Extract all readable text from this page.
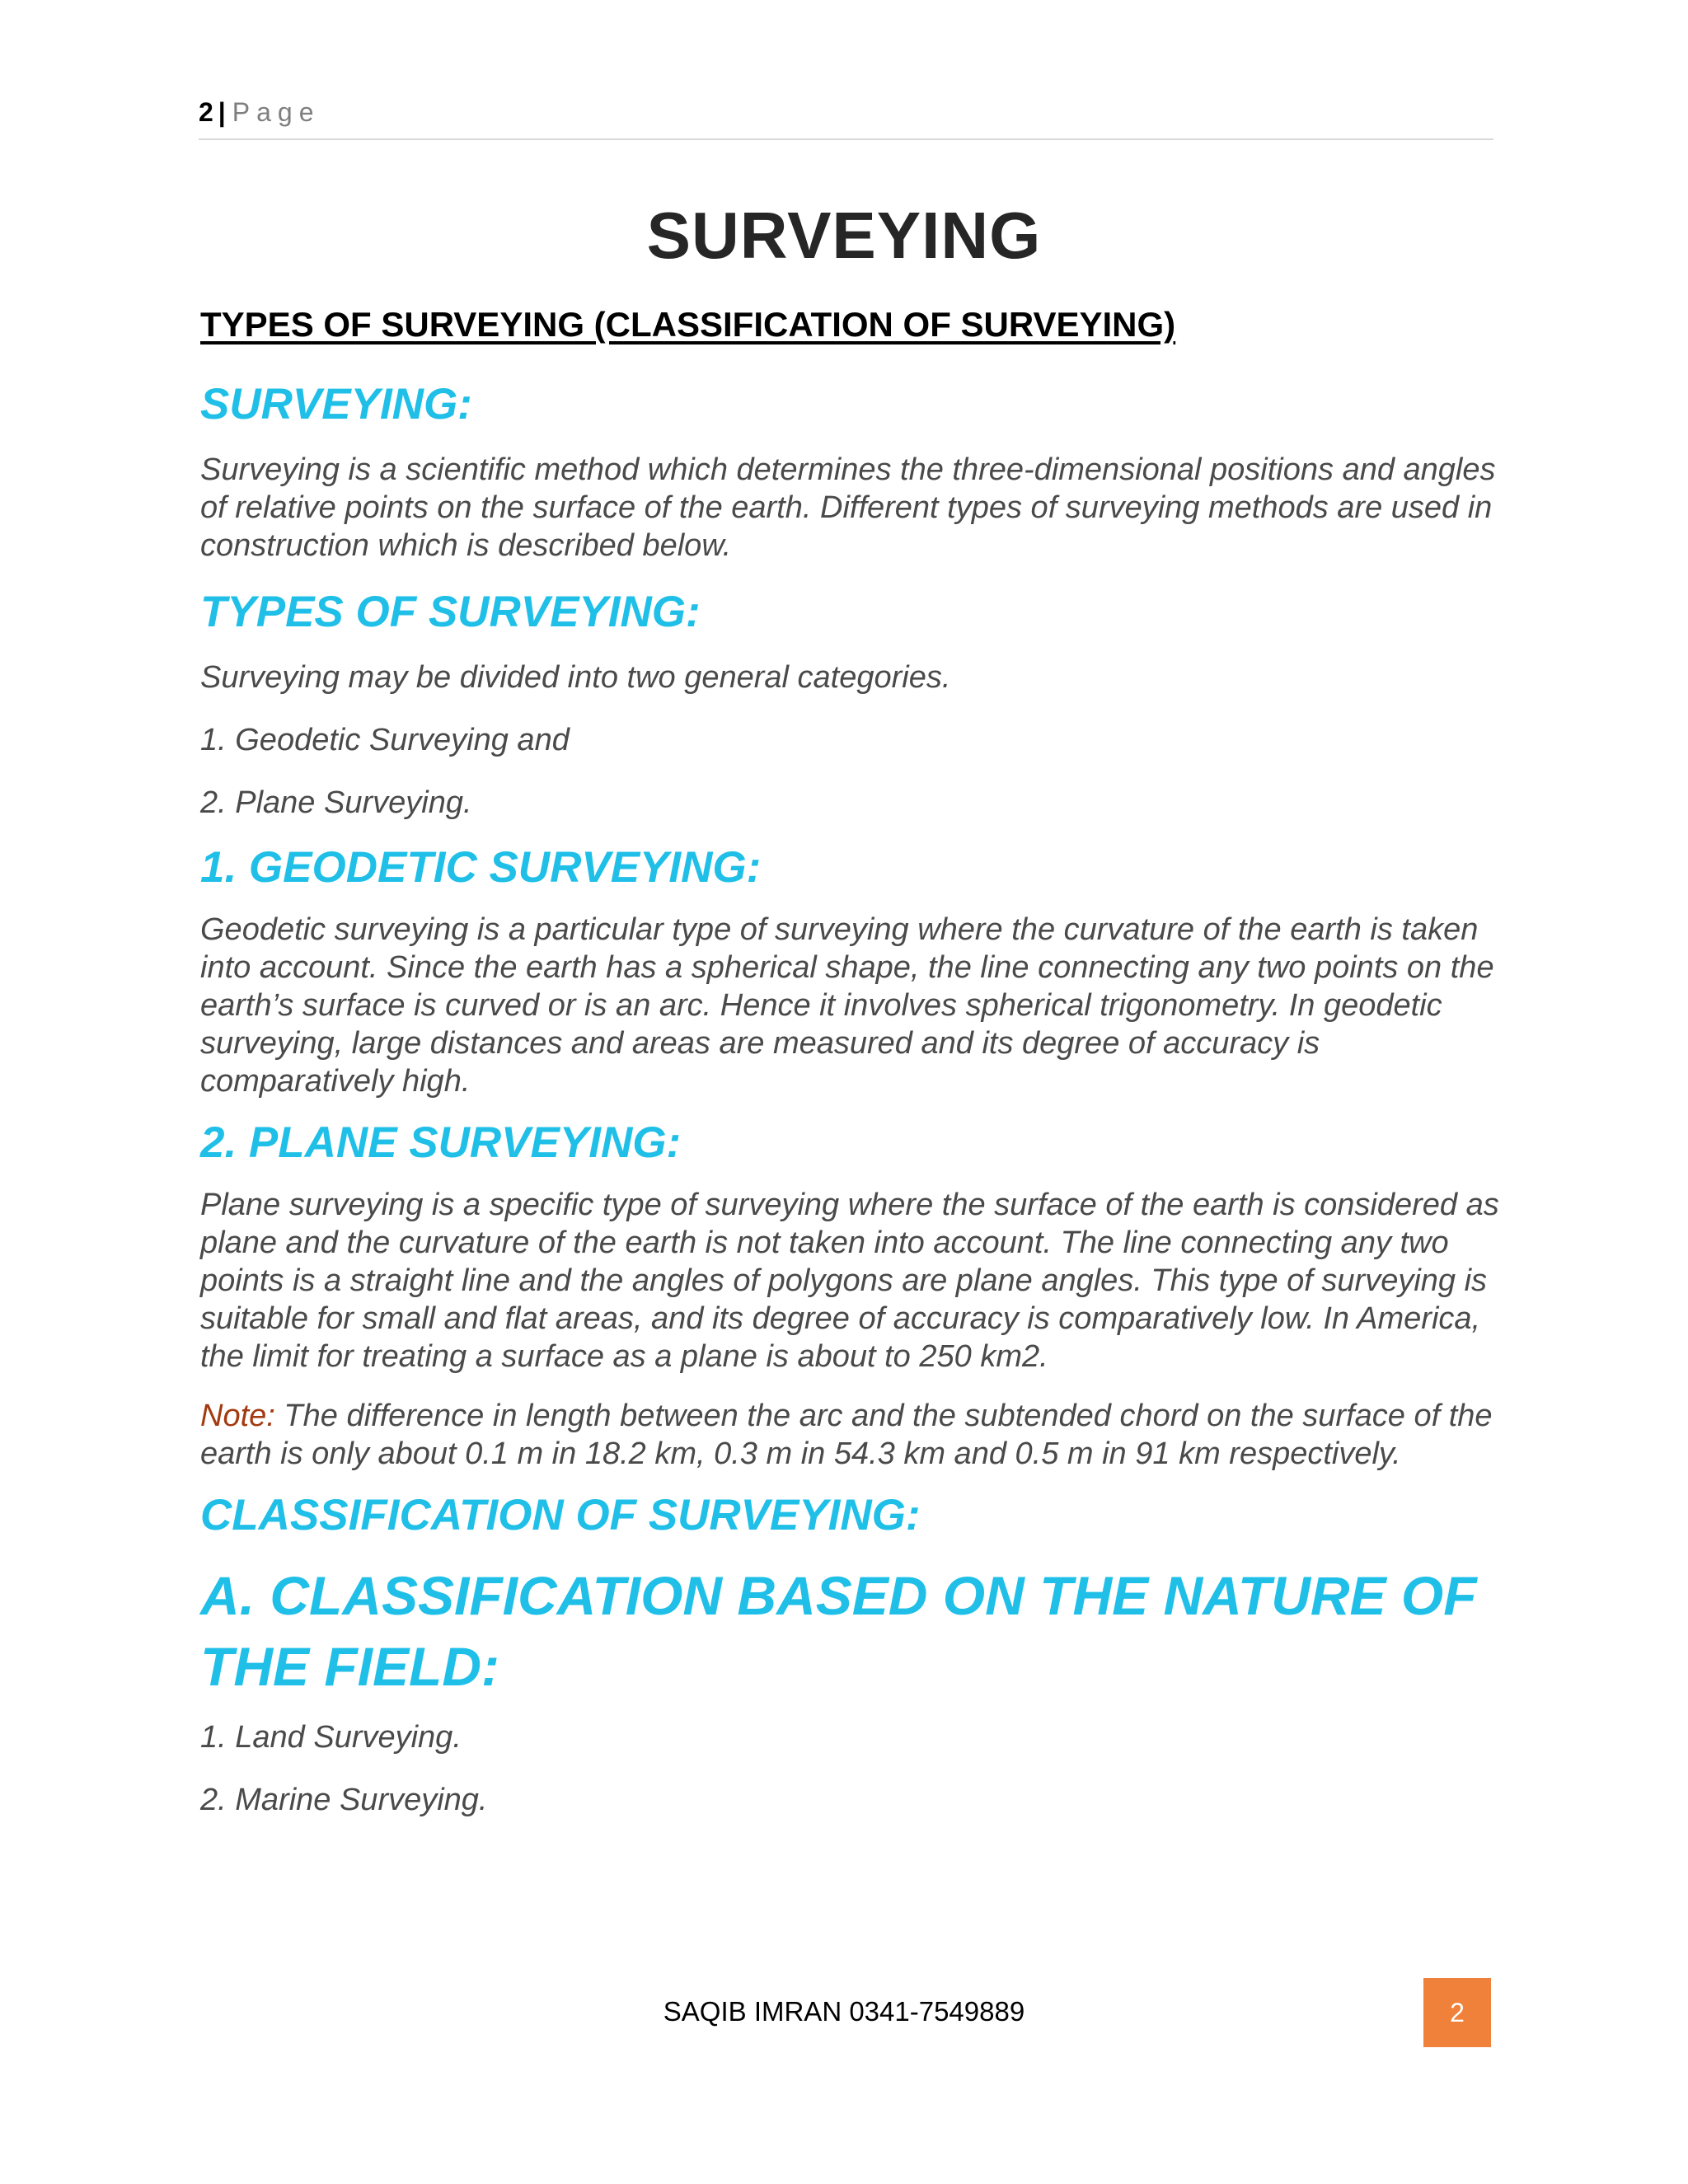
2 | Page
SURVEYING
TYPES OF SURVEYING (CLASSIFICATION OF SURVEYING)
SURVEYING:

Surveying is a scientific method which determines the three-dimensional positions and angles of relative points on the surface of the earth. Different types of surveying methods are used in construction which is described below.

TYPES OF SURVEYING:

Surveying may be divided into two general categories.

1. Geodetic Surveying and

2. Plane Surveying.

1. GEODETIC SURVEYING:

Geodetic surveying is a particular type of surveying where the curvature of the earth is taken into account. Since the earth has a spherical shape, the line connecting any two points on the earth’s surface is curved or is an arc. Hence it involves spherical trigonometry. In geodetic surveying, large distances and areas are measured and its degree of accuracy is comparatively high.

2. PLANE SURVEYING:

Plane surveying is a specific type of surveying where the surface of the earth is considered as plane and the curvature of the earth is not taken into account. The line connecting any two points is a straight line and the angles of polygons are plane angles. This type of surveying is suitable for small and flat areas, and its degree of accuracy is comparatively low. In America, the limit for treating a surface as a plane is about to 250 km2.

Note: The difference in length between the arc and the subtended chord on the surface of the earth is only about 0.1 m in 18.2 km, 0.3 m in 54.3 km and 0.5 m in 91 km respectively.

CLASSIFICATION OF SURVEYING:
A. CLASSIFICATION BASED ON THE NATURE OF THE FIELD:

1. Land Surveying.

2. Marine Surveying.

SAQIB IMRAN 0341-7549889	2
